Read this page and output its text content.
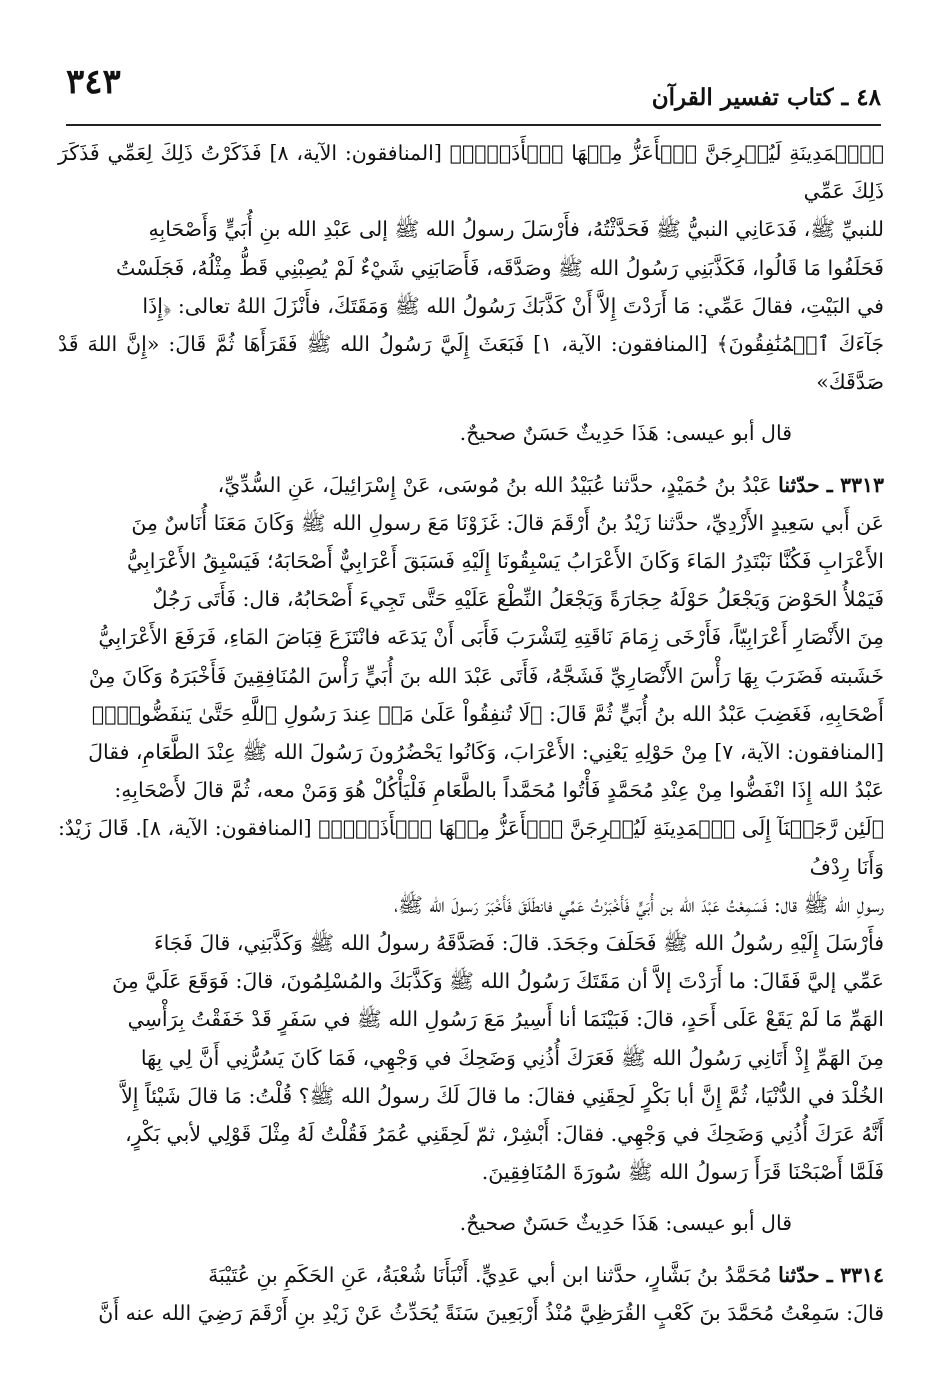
٣٤٣	٤٨ ـ كتاب تفسير القرآن

﴿ٱلۡمَدِينَةِ لَيُخۡرِجَنَّ ٱلۡأَعَزُّ مِنۡهَا ٱلۡأَذَلَّۚ﴾ [المنافقون: الآية، ٨] فَذَكَرْتُ ذَلِكَ لِعَمِّي فَذَكَرَ ذَلِكَ عَمِّي

للنبيِّ ﷺ، فَدَعَانِي النبيُّ ﷺ فَحَدَّثْتُهُ، فأَرْسَلَ رسولُ الله ﷺ إلى عَبْدِ الله بنِ أُبَيٍّ وَأَصْحَابِهِ

فَحَلَفُوا مَا قَالُوا، فَكَذَّبَنِي رَسُولُ الله ﷺ وصَدَّقَه، فَأَصَابَنِي شَيْءٌ لَمْ يُصِبْنِي قَطُّ مِثْلُهُ، فَجَلَسْتُ

في البَيْتِ، فقالَ عَمِّي: مَا أَرَدْتَ إِلاَّ أَنْ كَذَّبَكَ رَسُولُ الله ﷺ وَمَقَتَكَ، فأَنْزَلَ اللهُ تعالى: ﴿إِذَا

جَآءَكَ ٱلۡمُنَٰفِقُونَ﴾ [المنافقون: الآية، ١] فَبَعَثَ إِلَيَّ رَسُولُ الله ﷺ فَقَرَأَهَا ثُمَّ قَالَ: «إِنَّ اللهَ قَدْ صَدَّقَكَ»

قال أبو عيسى: هَذَا حَدِيثٌ حَسَنٌ صحيحٌ.

٣٣١٣ ـ حدّثنا عَبْدُ بنُ حُمَيْدٍ، حدَّثنا عُبَيْدُ الله بنُ مُوسَى، عَنْ إِسْرَائِيلَ، عَنِ السُّدِّيِّ،

عَن أَبي سَعِيدٍ الأَزْدِيِّ، حدَّثنا زَيْدُ بنُ أَرْقَمَ قالَ: غَزَوْنَا مَعَ رسولِ الله ﷺ وَكَانَ مَعَنَا أُنَاسٌ مِنَ

الأَعْرَابِ فَكُنَّا نَبْتَدِرُ المَاءَ وَكَانَ الأَعْرَابُ يَسْبِقُونَا إِلَيْهِ فَسَبَقَ أَعْرَابِيٌّ أَصْحَابَهُ؛ فَيَسْبِقُ الأَعْرَابِيُّ

فَيَمْلأُ الحَوْضَ وَيَجْعَلُ حَوْلَهُ حِجَارَةً وَيَجْعَلُ النِّطْعَ عَلَيْهِ حَتَّى تَجِيءَ أَصْحَابُهُ، قال: فَأَتَى رَجُلٌ

مِنَ الأَنْصَارِ أَعْرَابِيّاً، فَأَرْخَى زِمَامَ نَاقَتِهِ لِتَشْرَبَ فَأَبَى أَنْ يَدَعَه فانْتَزَعَ قِبَاضَ المَاءِ، فَرَفَعَ الأَعْرَابِيُّ

خَشَبته فَضَرَبَ بِهَا رَأْسَ الأَنْصَارِيِّ فَشَجَّهُ، فَأَتَى عَبْدَ الله بنَ أُبَيٍّ رَأْسَ المُنَافِقِينَ فَأَخْبَرَهُ وَكَانَ مِنْ

أَصْحَابِهِ، فَغَضِبَ عَبْدُ الله بنُ أُبَيٍّ ثُمَّ قَالَ: ﴿لَا تُنفِقُواْ عَلَىٰ مَنۡ عِندَ رَسُولِ ٱللَّهِ حَتَّىٰ يَنفَضُّواْۗ﴾

[المنافقون: الآية، ٧] مِنْ حَوْلِهِ يَعْنِي: الأَعْرَابَ، وَكَانُوا يَحْضُرُونَ رَسُولَ الله ﷺ عِنْدَ الطَّعَامِ، فقالَ

عَبْدُ الله إِذَا انْفَضُّوا مِنْ عِنْدِ مُحَمَّدٍ فَأْتُوا مُحَمَّداً بالطَّعَامِ فَلْيَأْكُلْ هُوَ وَمَنْ معه، ثُمَّ قالَ لأَصْحَابِهِ:

﴿لَئِن رَّجَعۡنَآ إِلَى ٱلۡمَدِينَةِ لَيُخۡرِجَنَّ ٱلۡأَعَزُّ مِنۡهَا ٱلۡأَذَلَّۚ﴾ [المنافقون: الآية، ٨]. قَالَ زَيْدٌ: وَأَنَا رِدْفُ

رسولِ الله ﷺ قال: فَسَمِعْتُ عَبْدَ الله بن أُبَيٍّ فَأَخْبَرْتُ عَمِّي فانطَلَقَ فَأَخْبَرَ رَسولَ الله ﷺ،

فأَرْسَلَ إِلَيْهِ رسُولُ الله ﷺ فَحَلَفَ وجَحَدَ. قالَ: فَصَدَّقَهُ رسولُ الله ﷺ وَكَذَّبَنِي، قالَ فَجَاءَ

عَمِّي إليَّ فَقَالَ: ما أَرَدْتَ إلاَّ أن مَقَتَكَ رَسُولُ الله ﷺ وَكَذَّبَكَ والمُسْلِمُونَ، قالَ: فَوَقَعَ عَلَيَّ مِنَ

الهَمِّ مَا لَمْ يَقَعْ عَلَى أَحَدٍ، قالَ: فَبَيْنَمَا أنا أَسِيرُ مَعَ رَسُولِ الله ﷺ في سَفَرٍ قَدْ خَفَقْتُ بِرَأْسِي

مِنَ الهَمِّ إِذْ أَتَانِي رَسُولُ الله ﷺ فَعَرَكَ أُذُنِي وَضَحِكَ في وَجْهِي، فَمَا كَانَ يَسُرُّنِي أَنَّ لِي بِهَا

الخُلْدَ في الدُّنْيَا، ثُمَّ إِنَّ أبا بَكْرٍ لَحِقَنِي فقالَ: ما قالَ لَكَ رسولُ الله ﷺ؟ قُلْتُ: مَا قالَ شَيْئاً إِلاَّ

أَنَّهُ عَرَكَ أُذُنِي وَضَحِكَ في وَجْهِي. فقالَ: أَبْشِرْ، ثمّ لَحِقَنِي عُمَرُ فَقُلْتُ لَهُ مِثْلَ قَوْلِي لأبي بَكْرٍ،

فَلَمَّا أَصْبَحْنَا قَرَأَ رَسولُ الله ﷺ سُورَةَ المُنَافِقِينَ.

قال أبو عيسى: هَذَا حَدِيثٌ حَسَنٌ صحيحٌ.

٣٣١٤ ـ حدّثنا مُحَمَّدُ بنُ بَشَّارٍ، حدَّثنا ابن أبي عَدِيٍّ. أَنْبَأَنَا شُعْبَةُ، عَنِ الحَكَمِ بنِ عُتَيْبَةَ

قالَ: سَمِعْتُ مُحَمَّدَ بنَ كَعْبٍ القُرَظِيَّ مُنْذُ أَرْبَعِينَ سَنَةً يُحَدِّثُ عَنْ زَيْدِ بنِ أَرْقَمَ رَضِيَ الله عنه أَنَّ
